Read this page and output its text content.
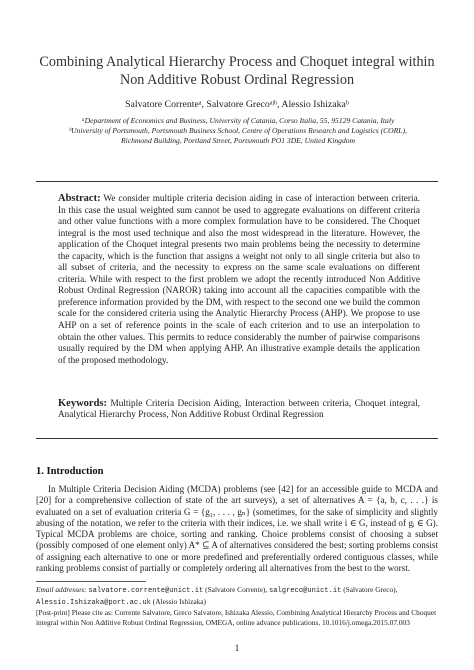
Combining Analytical Hierarchy Process and Choquet integral within
Non Additive Robust Ordinal Regression
Salvatore Correnteᵃ, Salvatore Grecoᵃʲᵇ, Alessio Ishizakaᵇ
ᵃDepartment of Economics and Business, University of Catania, Corso Italia, 55, 95129 Catania, Italy
ᵇUniversity of Portsmouth, Portsmouth Business School, Centre of Operations Research and Logistics (CORL),
Richmond Building, Portland Street, Portsmouth PO1 3DE, United Kingdom
Abstract: We consider multiple criteria decision aiding in case of interaction between criteria. In this case the usual weighted sum cannot be used to aggregate evaluations on different criteria and other value functions with a more complex formulation have to be considered. The Choquet integral is the most used technique and also the most widespread in the literature. However, the application of the Choquet integral presents two main problems being the necessity to determine the capacity, which is the function that assigns a weight not only to all single criteria but also to all subset of criteria, and the necessity to express on the same scale evaluations on different criteria. While with respect to the first problem we adopt the recently introduced Non Additive Robust Ordinal Regression (NAROR) taking into account all the capacities compatible with the preference information provided by the DM, with respect to the second one we build the common scale for the considered criteria using the Analytic Hierarchy Process (AHP). We propose to use AHP on a set of reference points in the scale of each criterion and to use an interpolation to obtain the other values. This permits to reduce considerably the number of pairwise comparisons usually required by the DM when applying AHP. An illustrative example details the application of the proposed methodology.
Keywords: Multiple Criteria Decision Aiding, Interaction between criteria, Choquet integral, Analytical Hierarchy Process, Non Additive Robust Ordinal Regression
1. Introduction
In Multiple Criteria Decision Aiding (MCDA) problems (see [42] for an accessible guide to MCDA and [20] for a comprehensive collection of state of the art surveys), a set of alternatives A = {a, b, c, . . .} is evaluated on a set of evaluation criteria G = {g₁, . . . , gₙ} (sometimes, for the sake of simplicity and slightly abusing of the notation, we refer to the criteria with their indices, i.e. we shall write i ∈ G, instead of gᵢ ∈ G). Typical MCDA problems are choice, sorting and ranking. Choice problems consist of choosing a subset (possibly composed of one element only) A* ⊆ A of alternatives considered the best; sorting problems consist of assigning each alternative to one or more predefined and preferentially ordered contiguous classes, while ranking problems consist of partially or completely ordering all alternatives from the best to the worst.
Email addresses: salvatore.corrente@unict.it (Salvatore Corrente), salgreco@unict.it (Salvatore Greco), Alessio.Ishizaka@port.ac.uk (Alessio Ishizaka)
[Post-print] Please cite as: Corrente Salvatore, Greco Salvatore, Ishizaka Alessio, Combining Analytical Hierarchy Process and Choquet integral within Non Additive Robust Ordinal Regression, OMEGA, online advance publications, 10.1016/j.omega.2015.07.003
1
